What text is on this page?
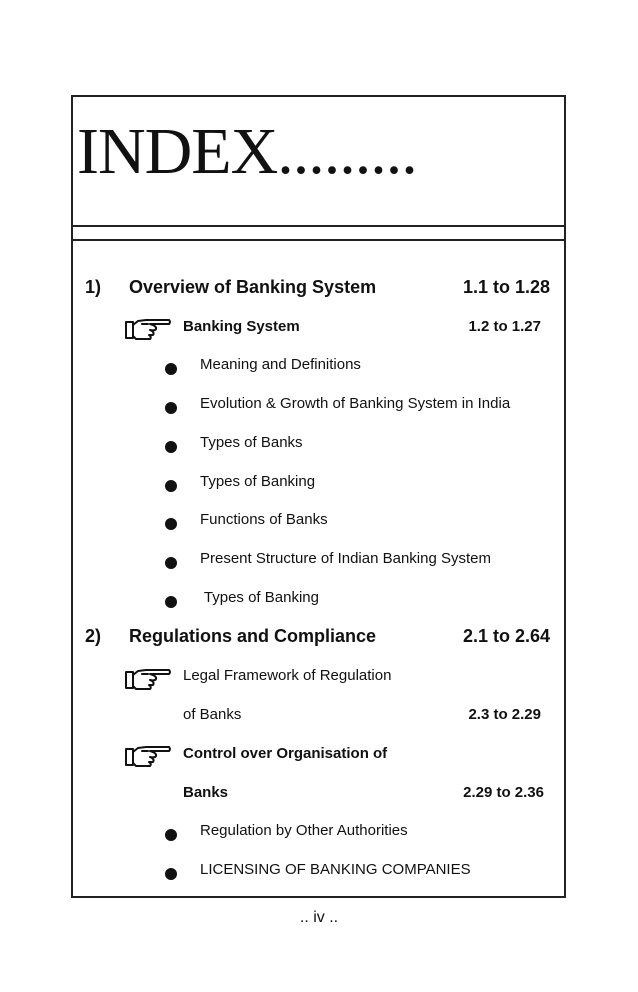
INDEX.........
1) Overview of Banking System	1.1 to 1.28
Banking System	1.2 to 1.27
Meaning and Definitions
Evolution & Growth of Banking System in India
Types of Banks
Types of Banking
Functions of Banks
Present Structure of Indian Banking System
Types of Banking
2) Regulations and Compliance	2.1 to 2.64
Legal Framework of Regulation
of Banks	2.3 to 2.29
Control over Organisation of
Banks	2.29 to 2.36
Regulation by Other Authorities
LICENSING OF BANKING COMPANIES
.. iv ..
